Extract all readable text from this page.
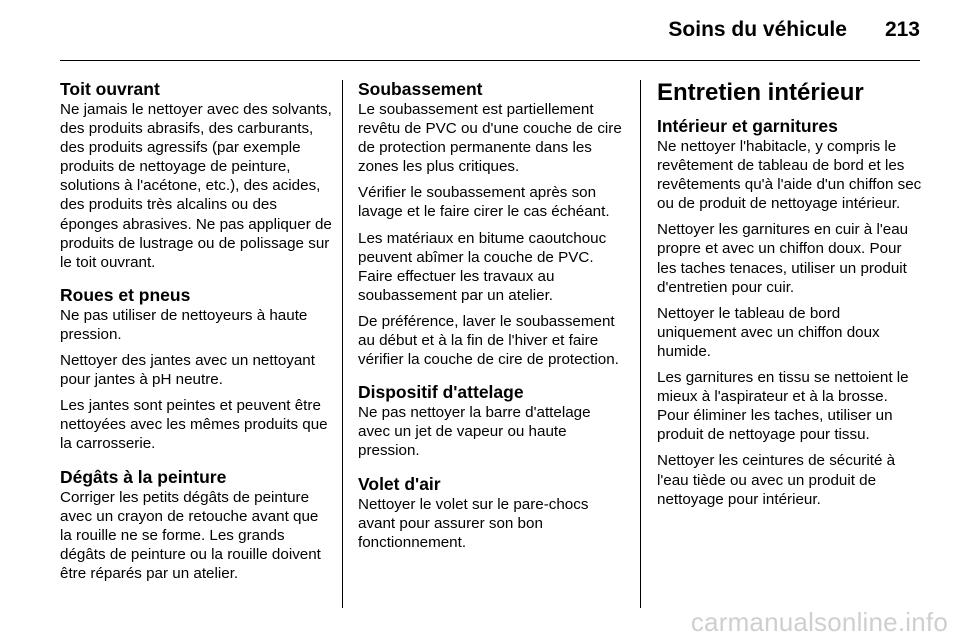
Soins du véhicule 213
Toit ouvrant

Ne jamais le nettoyer avec des solvants, des produits abrasifs, des carburants, des produits agressifs (par exemple produits de nettoyage de peinture, solutions à l'acétone, etc.), des acides, des produits très alcalins ou des éponges abrasives. Ne pas appliquer de produits de lustrage ou de polissage sur le toit ouvrant.

Roues et pneus

Ne pas utiliser de nettoyeurs à haute pression.

Nettoyer des jantes avec un nettoyant pour jantes à pH neutre.

Les jantes sont peintes et peuvent être nettoyées avec les mêmes produits que la carrosserie.

Dégâts à la peinture

Corriger les petits dégâts de peinture avec un crayon de retouche avant que la rouille ne se forme. Les grands dégâts de peinture ou la rouille doivent être réparés par un atelier.

Soubassement

Le soubassement est partiellement revêtu de PVC ou d'une couche de cire de protection permanente dans les zones les plus critiques.

Vérifier le soubassement après son lavage et le faire cirer le cas échéant.

Les matériaux en bitume caoutchouc peuvent abîmer la couche de PVC. Faire effectuer les travaux au soubassement par un atelier.

De préférence, laver le soubassement au début et à la fin de l'hiver et faire vérifier la couche de cire de protection.

Dispositif d'attelage

Ne pas nettoyer la barre d'attelage avec un jet de vapeur ou haute pression.

Volet d'air

Nettoyer le volet sur le pare-chocs avant pour assurer son bon fonctionnement.

Entretien intérieur
Intérieur et garnitures

Ne nettoyer l'habitacle, y compris le revêtement de tableau de bord et les revêtements qu'à l'aide d'un chiffon sec ou de produit de nettoyage intérieur.

Nettoyer les garnitures en cuir à l'eau propre et avec un chiffon doux. Pour les taches tenaces, utiliser un produit d'entretien pour cuir.

Nettoyer le tableau de bord uniquement avec un chiffon doux humide.

Les garnitures en tissu se nettoient le mieux à l'aspirateur et à la brosse. Pour éliminer les taches, utiliser un produit de nettoyage pour tissu.

Nettoyer les ceintures de sécurité à l'eau tiède ou avec un produit de nettoyage pour intérieur.

carmanualsonline.info
